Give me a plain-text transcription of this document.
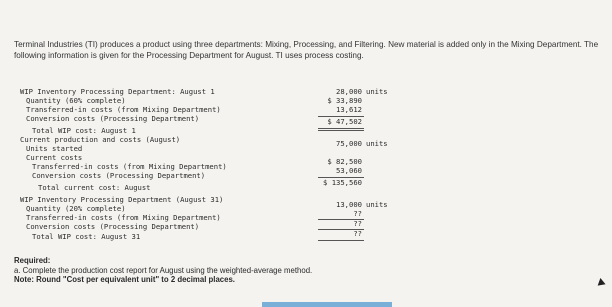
Terminal Industries (TI) produces a product using three departments: Mixing, Processing, and Filtering. New material is added only in the Mixing Department. The following information is given for the Processing Department for August. TI uses process costing.
WIP Inventory Processing Department: August 1
Quantity (60% complete)
Transferred-in costs (from Mixing Department)
Conversion costs (Processing Department)
Total WIP cost: August 1
Current production and costs (August)
Units started
Current costs
Transferred-in costs (from Mixing Department)
Conversion costs (Processing Department)
Total current cost: August
WIP Inventory Processing Department (August 31)
Quantity (20% complete)
Transferred-in costs (from Mixing Department)
Conversion costs (Processing Department)
Total WIP cost: August 31
28,000 units
$ 33,890
13,612
$ 47,502
75,000 units
$ 82,500
53,060
$ 135,560
13,000 units
??
??
??
Required:
a. Complete the production cost report for August using the weighted-average method.
Note: Round "Cost per equivalent unit" to 2 decimal places.
